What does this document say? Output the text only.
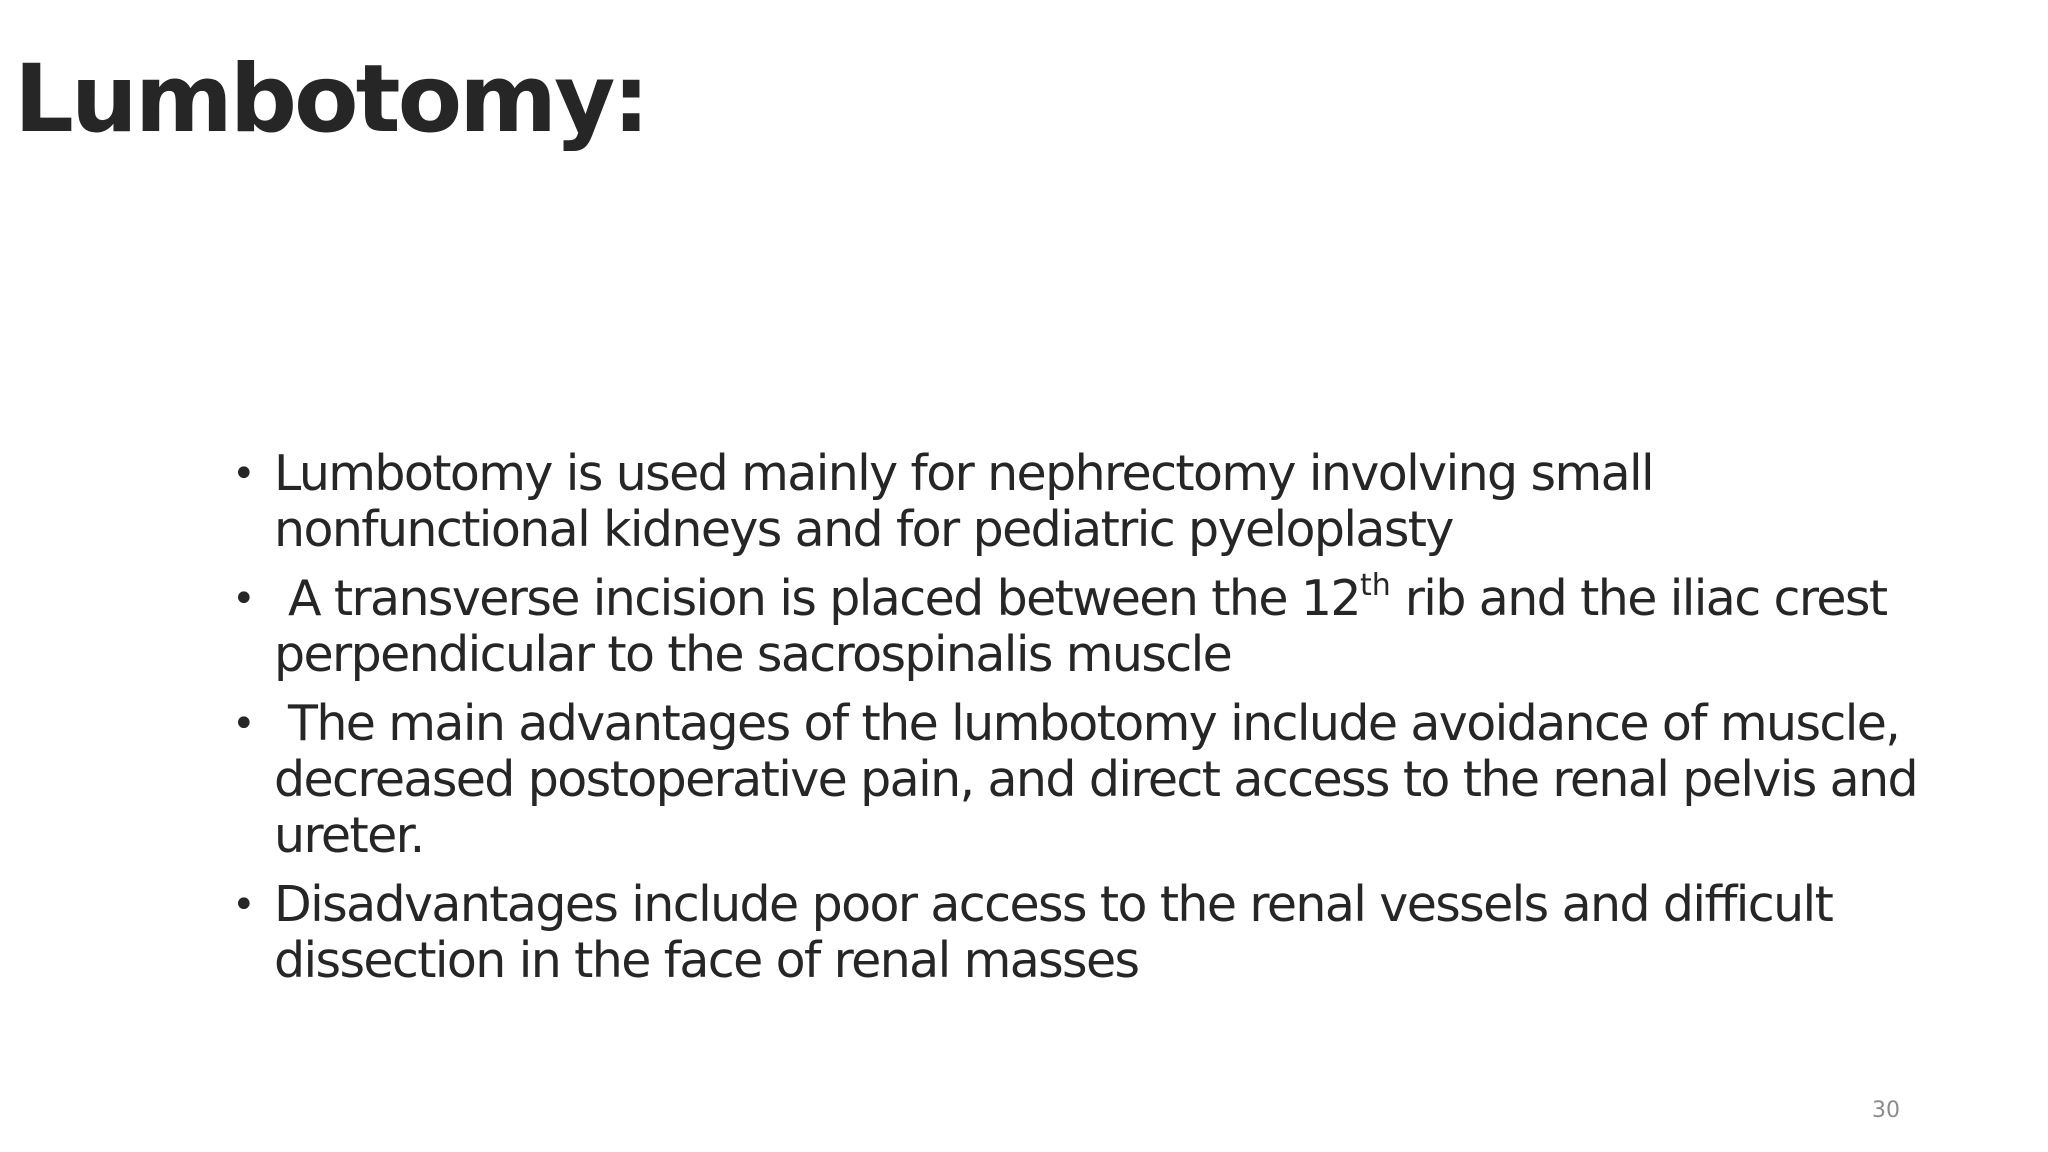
Lumbotomy:
• Lumbotomy is used mainly for nephrectomy involving small nonfunctional kidneys and for pediatric pyeloplasty
• A transverse incision is placed between the 12th rib and the iliac crest perpendicular to the sacrospinalis muscle
• The main advantages of the lumbotomy include avoidance of muscle, decreased postoperative pain, and direct access to the renal pelvis and ureter.
• Disadvantages include poor access to the renal vessels and difficult dissection in the face of renal masses
30
